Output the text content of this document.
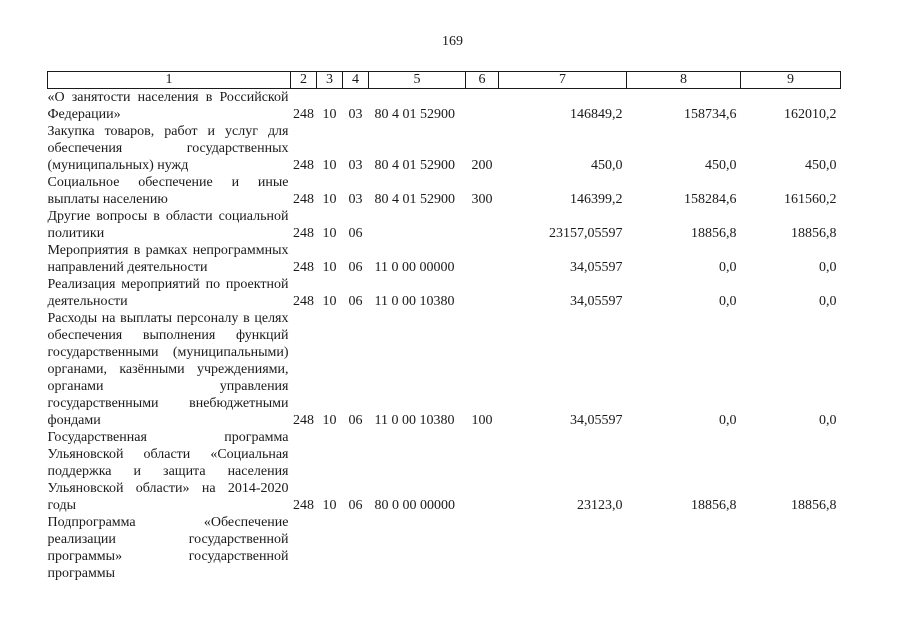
169
1	2	3	4	5	6	7	8	9
«О занятости населения в Российской Федерации»	248	10	03	80 4 01 52900		146849,2	158734,6	162010,2
Закупка товаров, работ и услуг для обеспечения государственных (муниципальных) нужд	248	10	03	80 4 01 52900	200	450,0	450,0	450,0
Социальное обеспечение и иные выплаты населению	248	10	03	80 4 01 52900	300	146399,2	158284,6	161560,2
Другие вопросы в области социальной политики	248	10	06			23157,05597	18856,8	18856,8
Мероприятия в рамках непрограммных направлений деятельности	248	10	06	11 0 00 00000		34,05597	0,0	0,0
Реализация мероприятий по проектной деятельности	248	10	06	11 0 00 10380		34,05597	0,0	0,0
Расходы на выплаты персоналу в целях обеспечения выполнения функций государственными (муниципальными) органами, казёнными учреждениями, органами управления государственными внебюджетными фондами	248	10	06	11 0 00 10380	100	34,05597	0,0	0,0
Государственная программа Ульяновской области «Социальная поддержка и защита населения Ульяновской области» на 2014-2020 годы	248	10	06	80 0 00 00000		23123,0	18856,8	18856,8
Подпрограмма «Обеспечение реализации государственной программы» государственной программы								
